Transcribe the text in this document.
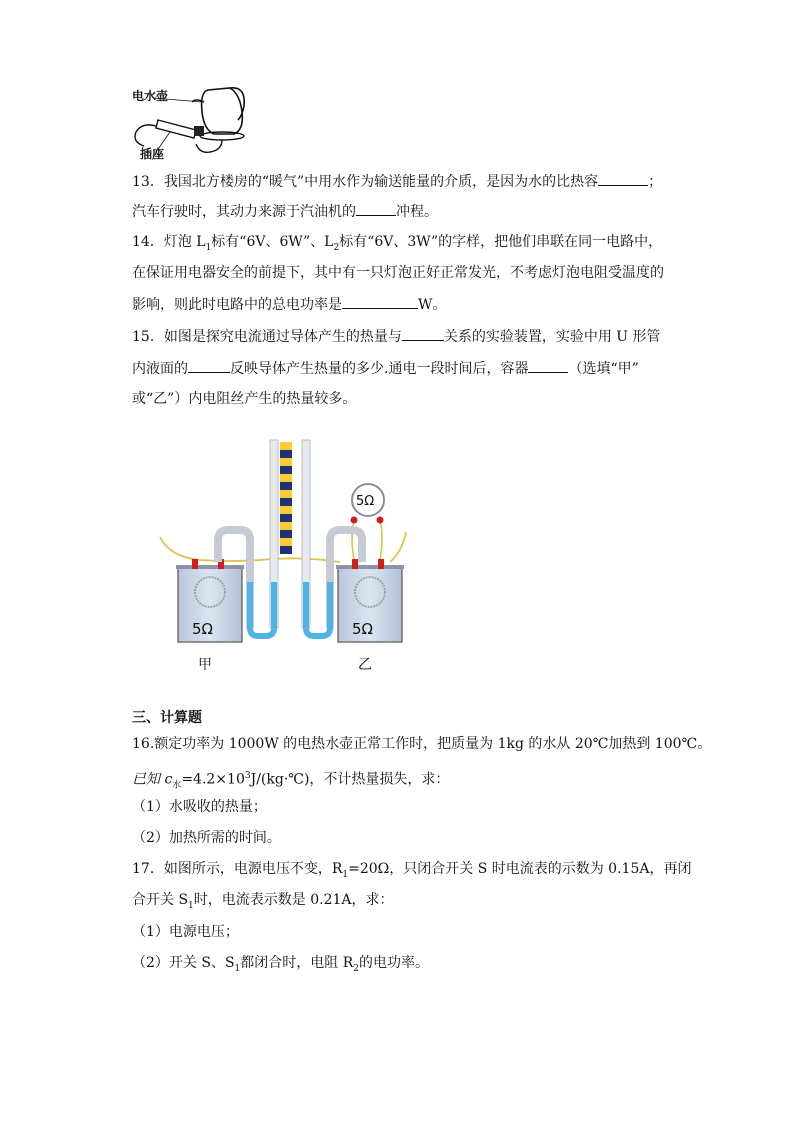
电水壶
插座
13．我国北方楼房的“暖气”中用水作为输送能量的介质，是因为水的比热容	；
汽车行驶时，其动力来源于汽油机的	冲程。
14．灯泡 $L_1$标有“6V、6W”、$L_2$标有“6V、3W”的字样，把他们串联在同一电路中，
在保证用电器安全的前提下，其中有一只灯泡正好正常发光，不考虑灯泡电阻受温度的
影响，则此时电路中的总电功率是	W。
15．如图是探究电流通过导体产生的热量与	关系的实验装置，实验中用 U 形管
内液面的	反映导体产生热量的多少.通电一段时间后，容器	（选填“甲”
或“乙”）内电阻丝产生的热量较多。
5Ω	5Ω
5Ω
甲	乙
三、计算题
16.额定功率为 1000W 的电热水壶正常工作时，把质量为 1kg 的水从 20℃加热到 100℃。
已知 $c_水=4.2\times 10^3J/(kg\cdot℃)$，不计热量损失，求：
（1）水吸收的热量；
（2）加热所需的时间。
17．如图所示，电源电压不变，$R_1=20\Omega$，只闭合开关 S 时电流表的示数为 0.15A，再闭
合开关 $S_1$时，电流表示数是 0.21A，求：
（1）电源电压；
（2）开关 S、$S_1$都闭合时，电阻 $R_2$的电功率。
